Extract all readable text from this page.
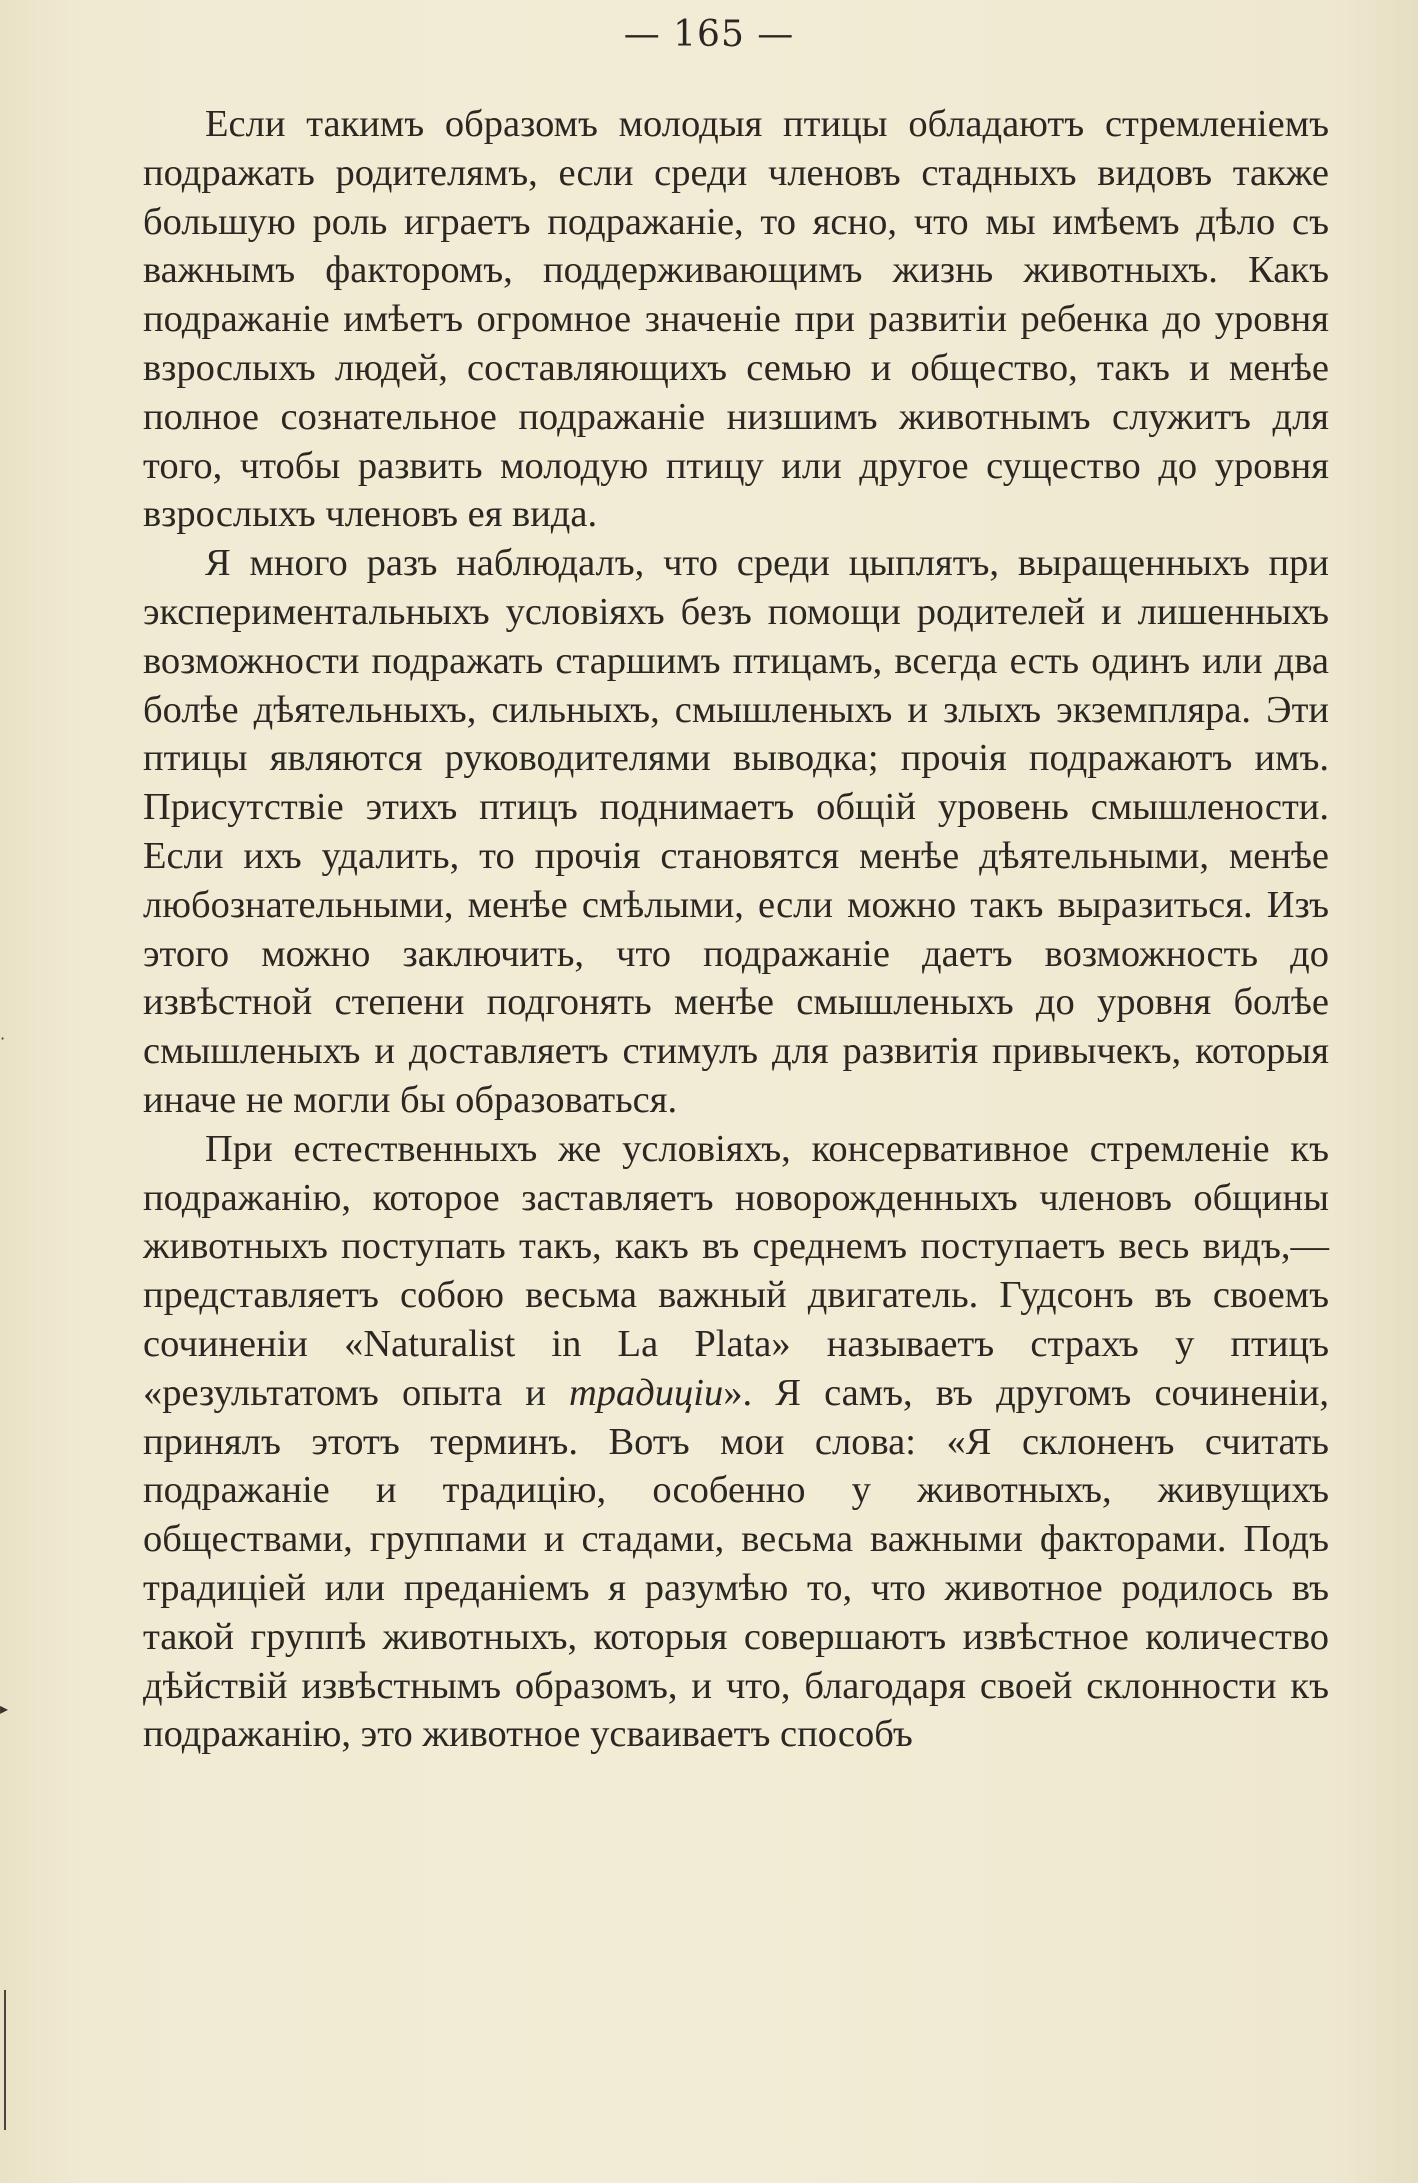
— 165 —

Если такимъ образомъ молодыя птицы обладаютъ стремленіемъ подражать родителямъ, если среди членовъ стадныхъ видовъ также большую роль играетъ подражаніе, то ясно, что мы имѣемъ дѣло съ важнымъ факторомъ, поддерживающимъ жизнь животныхъ. Какъ подражаніе имѣетъ огромное значеніе при развитіи ребенка до уровня взрослыхъ людей, составляющихъ семью и общество, такъ и менѣе полное сознательное подражаніе низшимъ животнымъ служитъ для того, чтобы развить молодую птицу или другое существо до уровня взрослыхъ членовъ ея вида.

Я много разъ наблюдалъ, что среди цыплятъ, выращенныхъ при экспериментальныхъ условіяхъ безъ помощи родителей и лишенныхъ возможности подражать старшимъ птицамъ, всегда есть одинъ или два болѣе дѣятельныхъ, сильныхъ, смышленыхъ и злыхъ экземпляра. Эти птицы являются руководителями выводка; прочія подражаютъ имъ. Присутствіе этихъ птицъ поднимаетъ общій уровень смышлености. Если ихъ удалить, то прочія становятся менѣе дѣятельными, менѣе любознательными, менѣе смѣлыми, если можно такъ выразиться. Изъ этого можно заключить, что подражаніе даетъ возможность до извѣстной степени подгонять менѣе смышленыхъ до уровня болѣе смышленыхъ и доставляетъ стимулъ для развитія привычекъ, которыя иначе не могли бы образоваться.

При естественныхъ же условіяхъ, консервативное стремленіе къ подражанію, которое заставляетъ новорожденныхъ членовъ общины животныхъ поступать такъ, какъ въ среднемъ поступаетъ весь видъ,—представляетъ собою весьма важный двигатель. Гудсонъ въ своемъ сочиненіи «Naturalist in La Plata» называетъ страхъ у птицъ «результатомъ опыта и традиціи». Я самъ, въ другомъ сочиненіи, принялъ этотъ терминъ. Вотъ мои слова: «Я склоненъ считать подражаніе и традицію, особенно у животныхъ, живущихъ обществами, группами и стадами, весьма важными факторами. Подъ традиціей или преданіемъ я разумѣю то, что животное родилось въ такой группѣ животныхъ, которыя совершаютъ извѣстное количество дѣйствій извѣстнымъ образомъ, и что, благодаря своей склонности къ подражанію, это животное усваиваетъ способъ

·
▸
